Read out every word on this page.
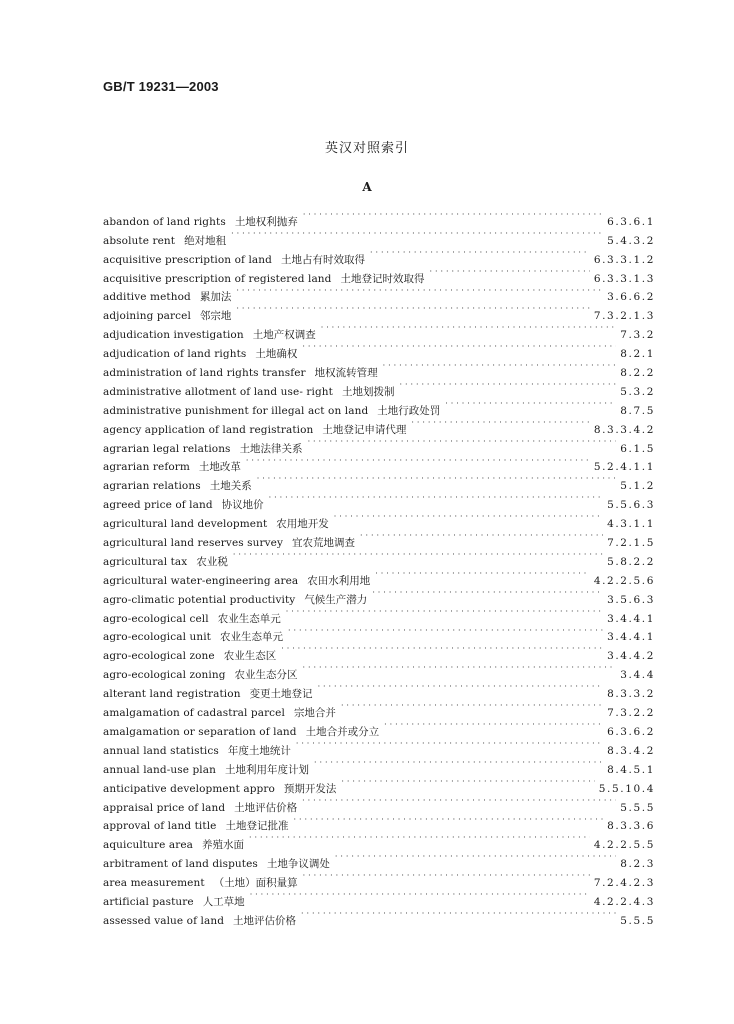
GB/T 19231—2003
英汉对照索引
A
abandon of land rights 土地权利抛弃 · · ·	6.3.6.1
absolute rent 绝对地租 · · ·	5.4.3.2
acquisitive prescription of land 土地占有时效取得 · · ·	6.3.3.1.2
acquisitive prescription of registered land 土地登记时效取得 · · ·	6.3.3.1.3
additive method 累加法 · · ·	3.6.6.2
adjoining parcel 邻宗地 · · ·	7.3.2.1.3
adjudication investigation 土地产权调查 · · ·	7.3.2
adjudication of land rights 土地确权 · · ·	8.2.1
administration of land rights transfer 地权流转管理 · · ·	8.2.2
administrative allotment of land use- right 土地划拨制 · · ·	5.3.2
administrative punishment for illegal act on land 土地行政处罚 · · ·	8.7.5
agency application of land registration 土地登记申请代理 · · ·	8.3.3.4.2
agrarian legal relations 土地法律关系 · · ·	6.1.5
agrarian reform 土地改革 · · ·	5.2.4.1.1
agrarian relations 土地关系 · · ·	5.1.2
agreed price of land 协议地价 · · ·	5.5.6.3
agricultural land development 农用地开发 · · ·	4.3.1.1
agricultural land reserves survey 宜农荒地调查 · · ·	7.2.1.5
agricultural tax 农业税 · · ·	5.8.2.2
agricultural water-engineering area 农田水利用地 · · ·	4.2.2.5.6
agro-climatic potential productivity 气候生产潜力 · · ·	3.5.6.3
agro-ecological cell 农业生态单元 · · ·	3.4.4.1
agro-ecological unit 农业生态单元 · · ·	3.4.4.1
agro-ecological zone 农业生态区 · · ·	3.4.4.2
agro-ecological zoning 农业生态分区 · · ·	3.4.4
alterant land registration 变更土地登记 · · ·	8.3.3.2
amalgamation of cadastral parcel 宗地合并 · · ·	7.3.2.2
amalgamation or separation of land 土地合并或分立 · · ·	6.3.6.2
annual land statistics 年度土地统计 · · ·	8.3.4.2
annual land-use plan 土地利用年度计划 · · ·	8.4.5.1
anticipative development appro 预期开发法 · · ·	5.5.10.4
appraisal price of land 土地评估价格 · · ·	5.5.5
approval of land title 土地登记批准 · · ·	8.3.3.6
aquiculture area 养殖水面 · · ·	4.2.2.5.5
arbitrament of land disputes 土地争议调处 · · ·	8.2.3
area measurement （土地）面积量算 · · ·	7.2.4.2.3
artificial pasture 人工草地 · · ·	4.2.2.4.3
assessed value of land 土地评估价格 · · ·	5.5.5
